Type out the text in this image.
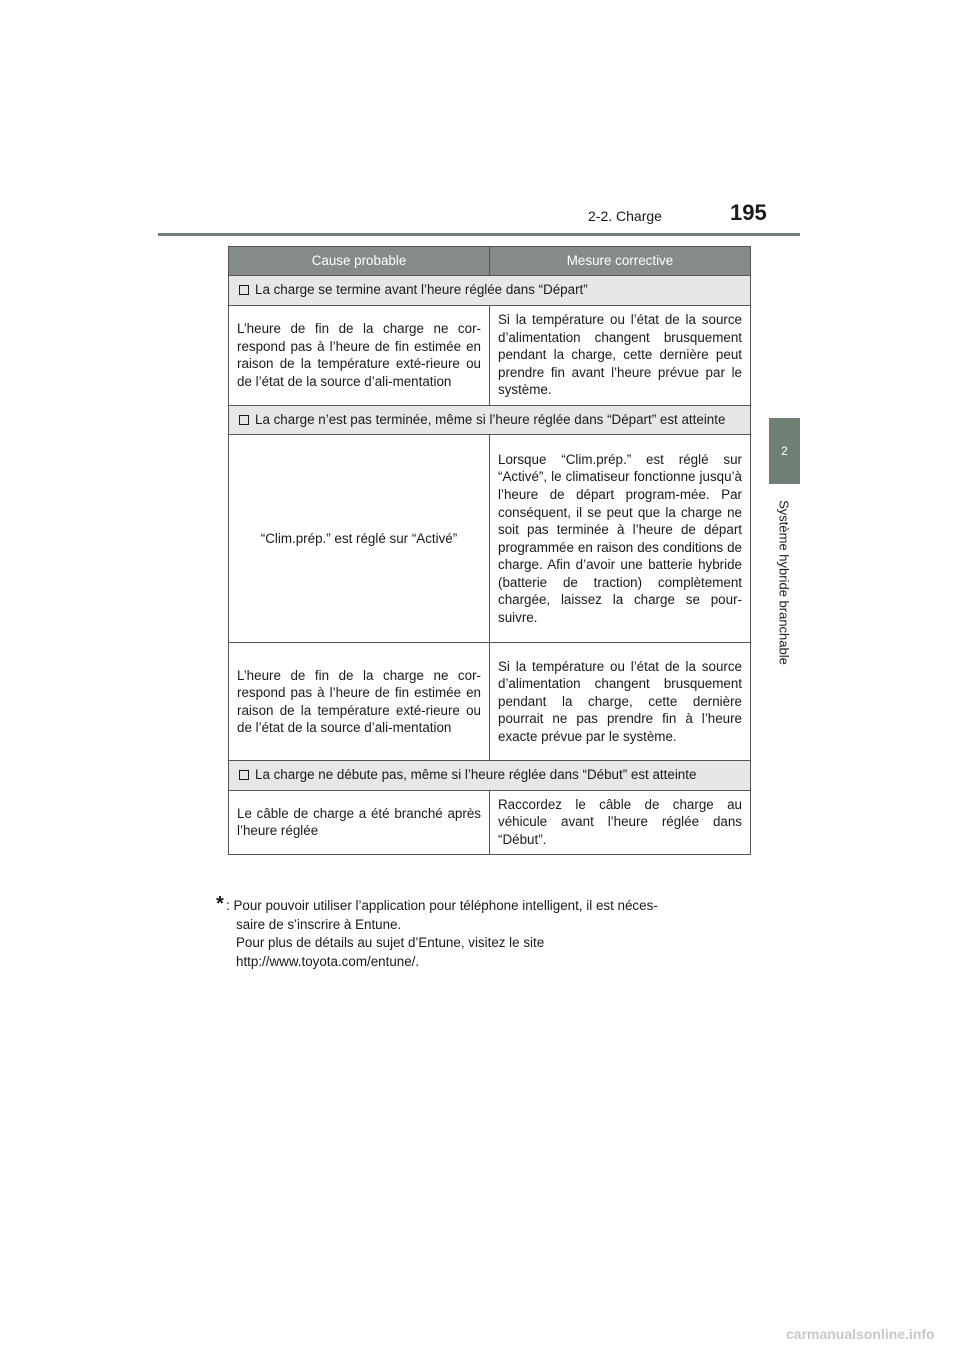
2-2. Charge	195
2
Système hybride branchable
Cause probable	Mesure corrective

La charge se termine avant l’heure réglée dans “Départ”	

L’heure de fin de la charge ne cor-respond pas à l’heure de fin estimée en raison de la température exté-rieure ou de l’état de la source d’ali-mentation	Si la température ou l’état de la source d’alimentation changent brusquement pendant la charge, cette dernière peut prendre fin avant l’heure prévue par le système.

La charge n’est pas terminée, même si l’heure réglée dans “Départ” est atteinte	

“Clim.prép.” est réglé sur “Activé”	Lorsque “Clim.prép.” est réglé sur “Activé”, le climatiseur fonctionne jusqu’à l’heure de départ program-mée. Par conséquent, il se peut que la charge ne soit pas terminée à l’heure de départ programmée en raison des conditions de charge. Afin d’avoir une batterie hybride (batterie de traction) complètement chargée, laissez la charge se pour-suivre.
L’heure de fin de la charge ne cor-respond pas à l’heure de fin estimée en raison de la température exté-rieure ou de l’état de la source d’ali-mentation	Si la température ou l’état de la source d’alimentation changent brusquement pendant la charge, cette dernière pourrait ne pas prendre fin à l’heure exacte prévue par le système.

La charge ne débute pas, même si l’heure réglée dans “Début” est atteinte	

Le câble de charge a été branché après l’heure réglée	Raccordez le câble de charge au véhicule avant l’heure réglée dans “Début”.
* : Pour pouvoir utiliser l’application pour téléphone intelligent, il est néces-
saire de s’inscrire à Entune.
Pour plus de détails au sujet d’Entune, visitez le site
http://www.toyota.com/entune/.
carmanualsonline.info
